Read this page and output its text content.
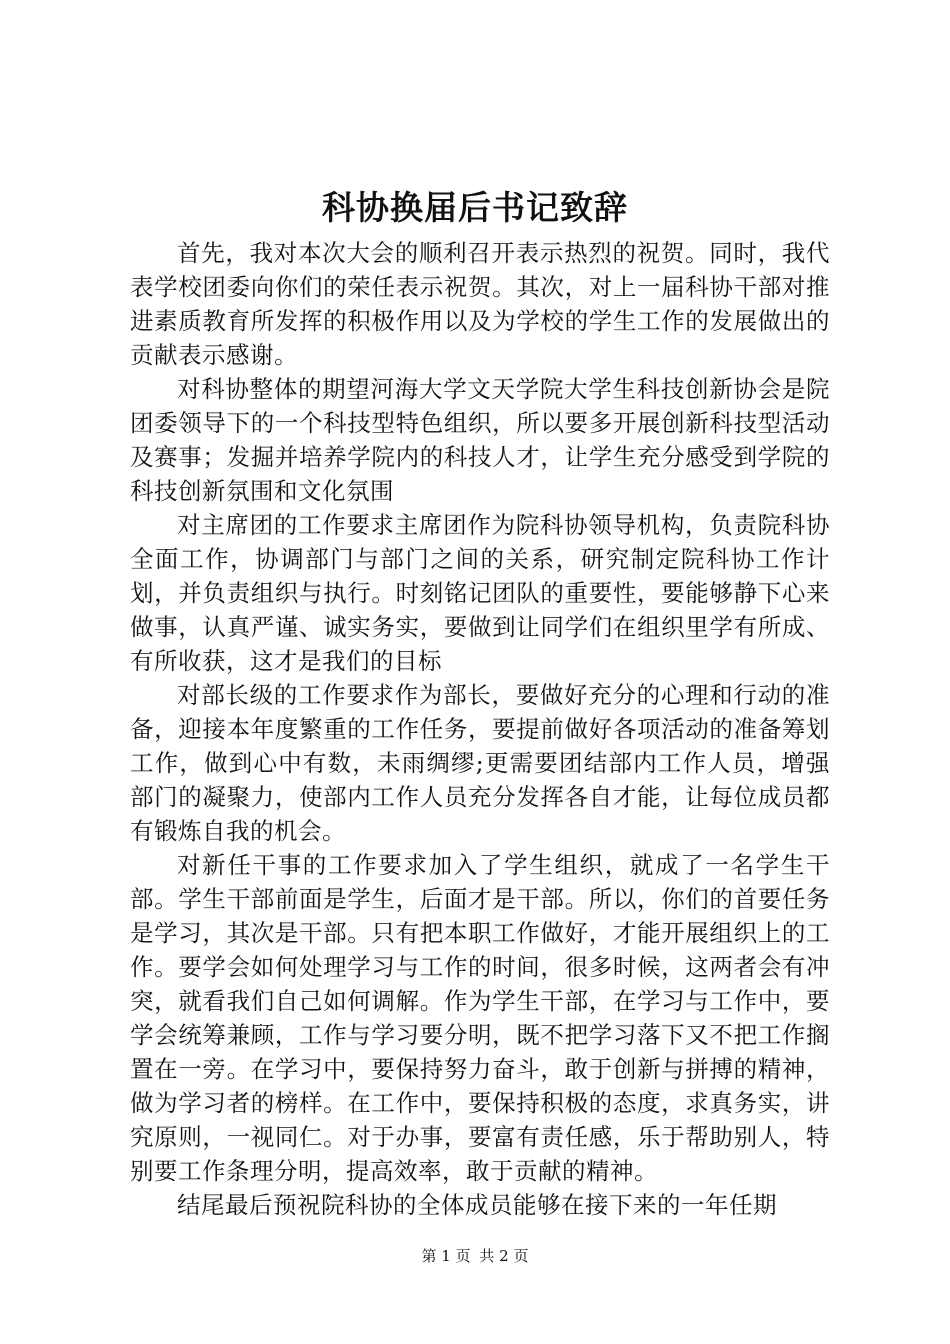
科协换届后书记致辞

首先，我对本次大会的顺利召开表示热烈的祝贺。同时，我代表学校团委向你们的荣任表示祝贺。其次，对上一届科协干部对推进素质教育所发挥的积极作用以及为学校的学生工作的发展做出的贡献表示感谢。

对科协整体的期望河海大学文天学院大学生科技创新协会是院团委领导下的一个科技型特色组织，所以要多开展创新科技型活动及赛事；发掘并培养学院内的科技人才，让学生充分感受到学院的科技创新氛围和文化氛围

对主席团的工作要求主席团作为院科协领导机构，负责院科协全面工作，协调部门与部门之间的关系，研究制定院科协工作计划，并负责组织与执行。时刻铭记团队的重要性，要能够静下心来做事，认真严谨、诚实务实，要做到让同学们在组织里学有所成、有所收获，这才是我们的目标

对部长级的工作要求作为部长，要做好充分的心理和行动的准备，迎接本年度繁重的工作任务，要提前做好各项活动的准备筹划工作，做到心中有数，未雨绸缪;更需要团结部内工作人员，增强部门的凝聚力，使部内工作人员充分发挥各自才能，让每位成员都有锻炼自我的机会。

对新任干事的工作要求加入了学生组织，就成了一名学生干部。学生干部前面是学生，后面才是干部。所以，你们的首要任务是学习，其次是干部。只有把本职工作做好，才能开展组织上的工作。要学会如何处理学习与工作的时间，很多时候，这两者会有冲突，就看我们自己如何调解。作为学生干部，在学习与工作中，要学会统筹兼顾，工作与学习要分明，既不把学习落下又不把工作搁置在一旁。在学习中，要保持努力奋斗，敢于创新与拼搏的精神，做为学习者的榜样。在工作中，要保持积极的态度，求真务实，讲究原则，一视同仁。对于办事，要富有责任感，乐于帮助别人，特别要工作条理分明，提高效率，敢于贡献的精神。

结尾最后预祝院科协的全体成员能够在接下来的一年任期

第 1 页 共 2 页
